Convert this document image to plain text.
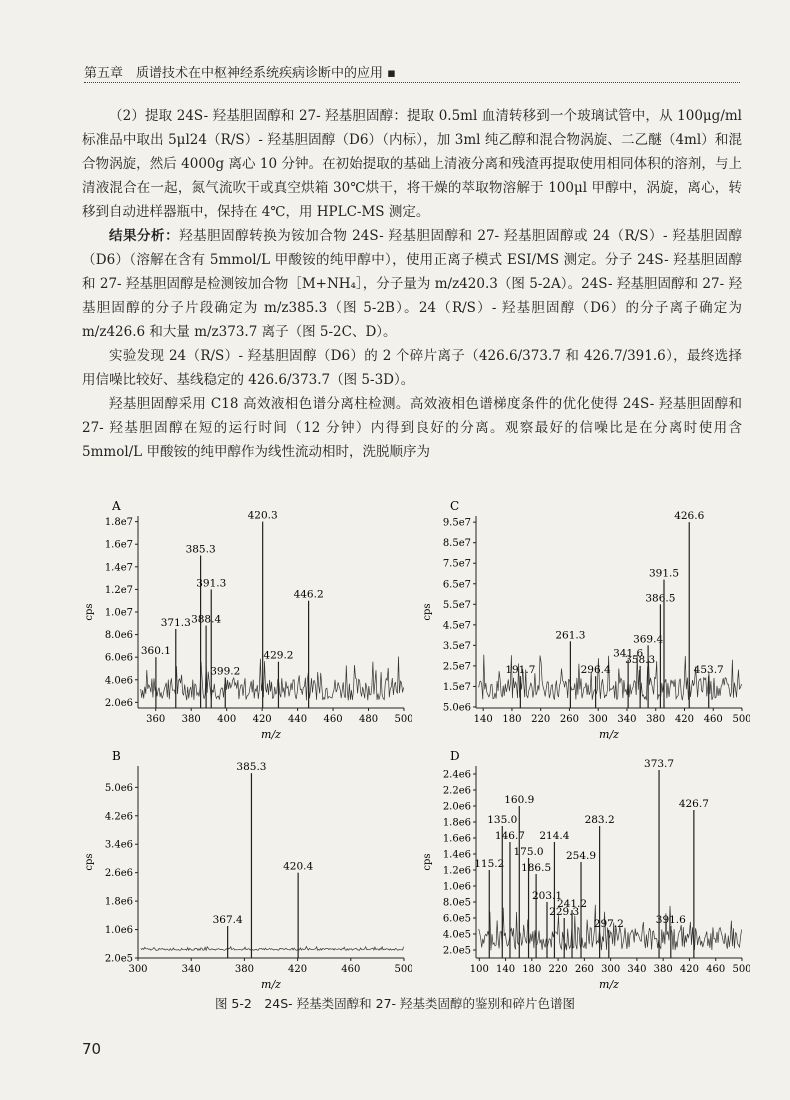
第五章　质谱技术在中枢神经系统疾病诊断中的应用 ▪

（2）提取 24S- 羟基胆固醇和 27- 羟基胆固醇：提取 0.5ml 血清转移到一个玻璃试管中，从 100μg/ml 标准品中取出 5μl24（R/S）- 羟基胆固醇（D6）（内标），加 3ml 纯乙醇和混合物涡旋、二乙醚（4ml）和混合物涡旋，然后 4000g 离心 10 分钟。在初始提取的基础上清液分离和残渣再提取使用相同体积的溶剂，与上清液混合在一起，氮气流吹干或真空烘箱 30℃烘干，将干燥的萃取物溶解于 100μl 甲醇中，涡旋，离心，转移到自动进样器瓶中，保持在 4℃，用 HPLC-MS 测定。

结果分析：羟基胆固醇转换为铵加合物 24S- 羟基胆固醇和 27- 羟基胆固醇或 24（R/S）- 羟基胆固醇（D6）（溶解在含有 5mmol/L 甲酸铵的纯甲醇中），使用正离子模式 ESI/MS 测定。分子 24S- 羟基胆固醇和 27- 羟基胆固醇是检测铵加合物［M+NH₄］，分子量为 m/z420.3（图 5-2A）。24S- 羟基胆固醇和 27- 羟基胆固醇的分子片段确定为 m/z385.3（图 5-2B）。24（R/S）- 羟基胆固醇（D6）的分子离子确定为 m/z426.6 和大量 m/z373.7 离子（图 5-2C、D）。

实验发现 24（R/S）- 羟基胆固醇（D6）的 2 个碎片离子（426.6/373.7 和 426.7/391.6），最终选择用信噪比较好、基线稳定的 426.6/373.7（图 5-3D）。

羟基胆固醇采用 C18 高效液相色谱分离柱检测。高效液相色谱梯度条件的优化使得 24S- 羟基胆固醇和 27- 羟基胆固醇在短的运行时间（12 分钟）内得到良好的分离。观察最好的信噪比是在分离时使用含 5mmol/L 甲酸铵的纯甲醇作为线性流动相时，洗脱顺序为

A
2.0e6
4.0e6
6.0e6
8.0e6
1.0e7
1.2e7
1.4e7
1.6e7
1.8e7
360 380 400 420 440 460 480 500
m/z
cps
360.1
371.3
385.3
388.4
391.3
399.2
420.3
429.2
446.2
C
5.0e6
1.5e7
2.5e7
3.5e7
4.5e7
5.5e7
6.5e7
7.5e7
8.5e7
9.5e7
140 180 220 260 300 340 380 420 460 500
m/z
cps
191.7
261.3
296.4
341.6
358.3
369.4
386.5
391.5
426.6
453.7
B
2.0e5
1.0e6
1.8e6
2.6e6
3.4e6
4.2e6
5.0e6
300	340	380	420	460	500
m/z
cps
367.4
385.3
420.4
D
2.0e5
4.0e5
6.0e5
8.0e5
1.0e6
1.2e6
1.4e6
1.6e6
1.8e6
2.0e6
2.2e6
2.4e6
100 140 180 220 260 300 340 380 420 460 500
m/z
cps	115.2
135.0
146.7
160.9
175.0
186.5
203.1
214.4
229.3
241.2
254.9
283.2
297.2
373.7
391.6
426.7
图 5-2　24S- 羟基类固醇和 27- 羟基类固醇的鉴别和碎片色谱图
70
